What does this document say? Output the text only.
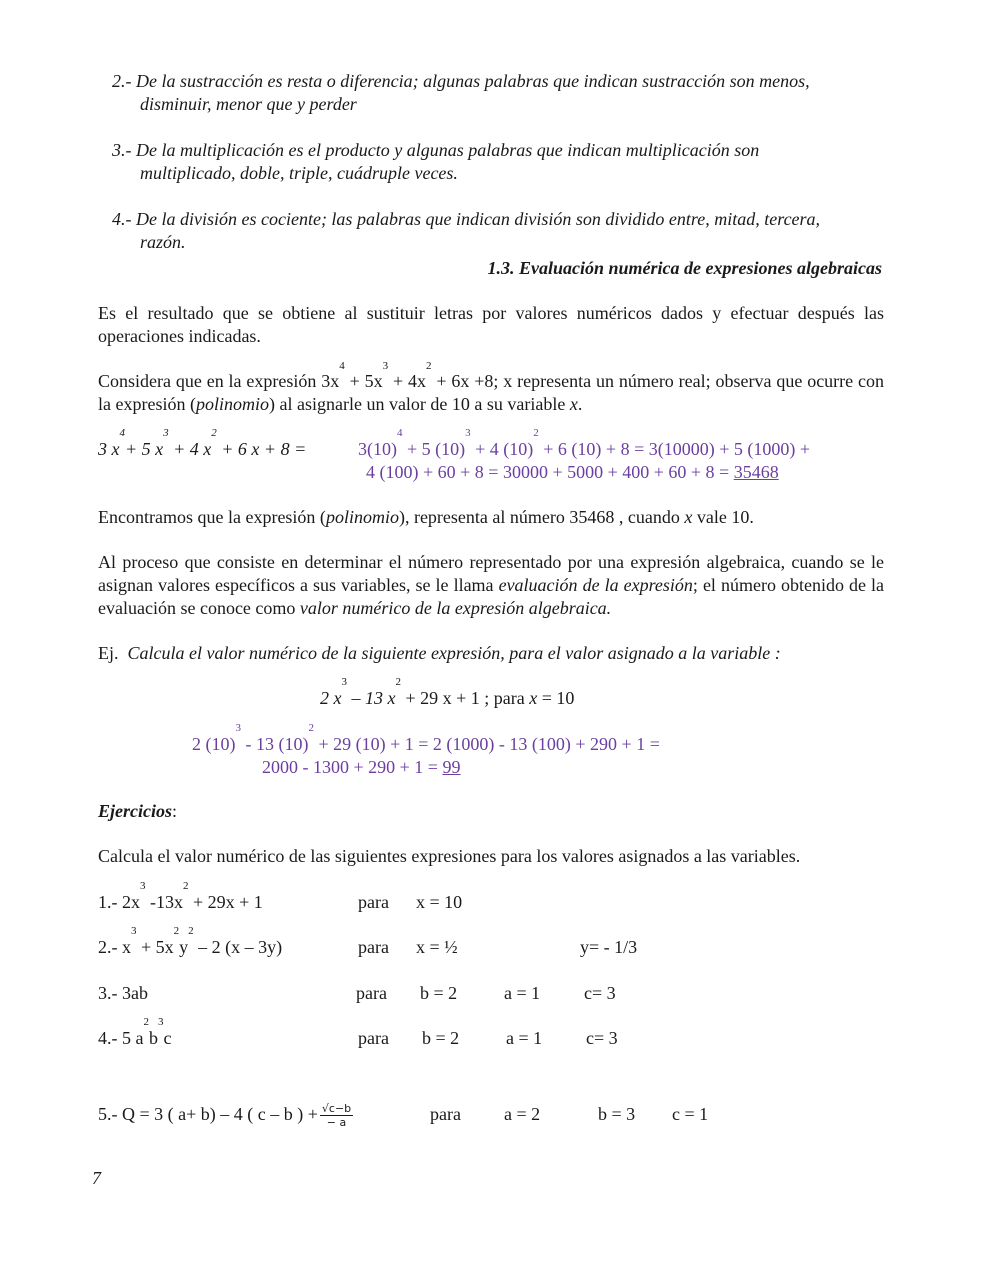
2.- De la sustracción es resta o diferencia; algunas palabras que indican sustracción son menos,
disminuir, menor que y perder
3.- De la multiplicación es el producto y algunas palabras que indican multiplicación son
multiplicado, doble, triple, cuádruple veces.
4.- De la división es cociente; las palabras que indican división son dividido entre, mitad, tercera,
razón.
1.3. Evaluación numérica de expresiones algebraicas
Es el resultado que se obtiene al sustituir letras por valores numéricos dados y efectuar después las operaciones indicadas.
Considera que en la expresión $3x^4 + 5x^3 + 4x^2 + 6x +8$; x representa un número real; observa que ocurre con la expresión (polinomio) al asignarle un valor de 10 a su variable x.
3 $x^4+ 5$ $x^3 + 4$ $x^2 + 6$ x + 8 =	$3(10)^4 + 5$ $(10)^3 + 4$ $(10)^2 + 6$ (10) + 8 = 3(10000) + 5 (1000) +
4 (100) + 60 + 8 = 30000 + 5000 + 400 + 60 + 8 = 35468
Encontramos que la expresión (polinomio), representa al número 35468 , cuando x vale 10.
Al proceso que consiste en determinar el número representado por una expresión algebraica, cuando se le asignan valores específicos a sus variables, se le llama evaluación de la expresión; el número obtenido de la evaluación se conoce como valor numérico de la expresión algebraica.
Ej. Calcula el valor numérico de la siguiente expresión, para el valor asignado a la variable :
2 $x^3 - 13$ $x^2 + 29$ x + 1 ; para x = 10
2 $(10)^3 - 13$ $(10)^2 + 29$ (10) + 1 = 2 (1000) - 13 (100) + 290 + 1 =
2000 - 1300 + 290 + 1 = 99
Ejercicios:
Calcula el valor numérico de las siguientes expresiones para los valores asignados a las variables.
1.- $2x^3$ $-13x^2 + 29x + 1$	para x = 10
2.- $x^3 + 5x^2y^2 - 2$ (x – 3y)	para x = ½	y= - 1/3
3.- 3ab	para b = 2	a = 1 c= 3
4.- 5 $a^2b^3c$	para b = 2	a = 1 c= 3
5.- Q = 3 ( a+ b) – 4 ( c – b ) + $\frac{√c-b}{- a}$	para a = 2	b = 3 c = 1
7
